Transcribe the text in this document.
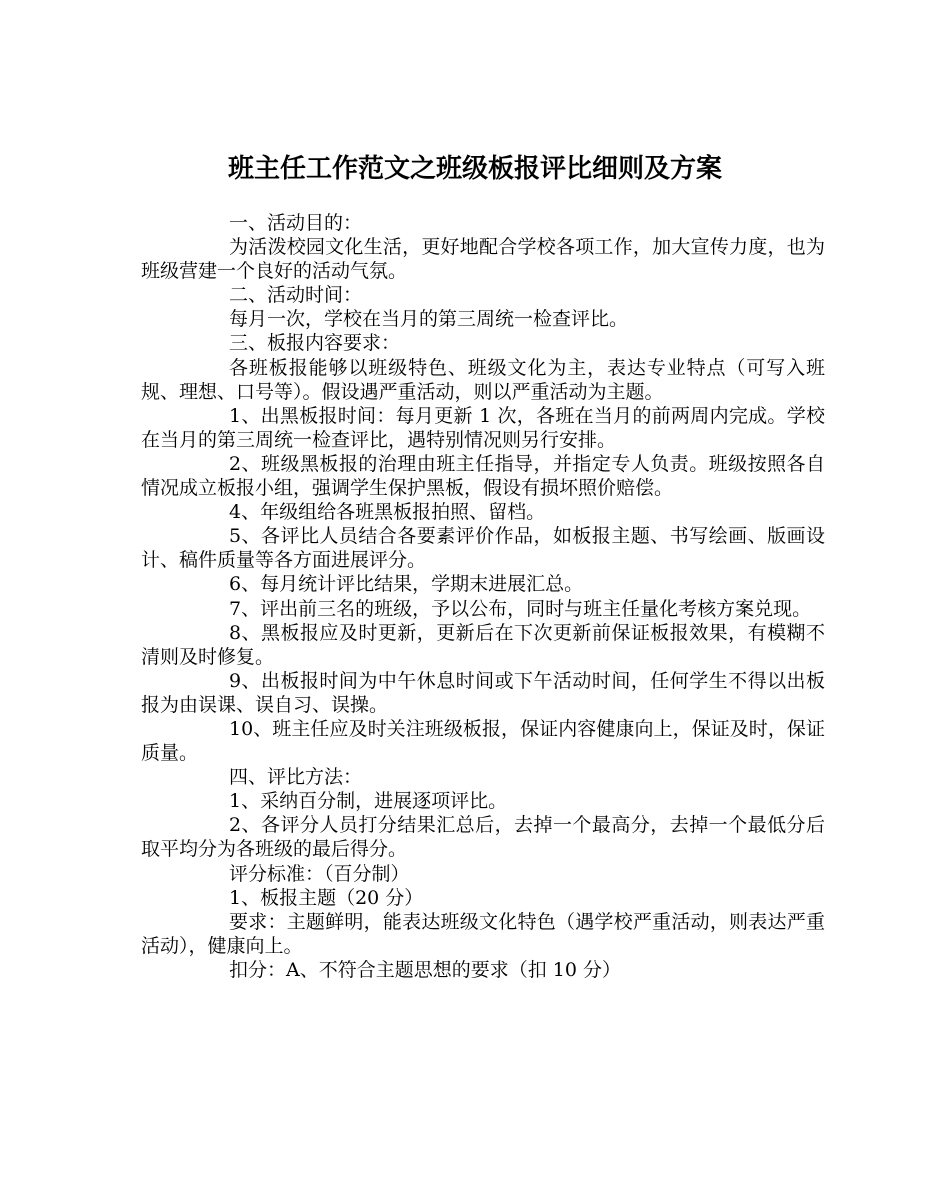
班主任工作范文之班级板报评比细则及方案

一、活动目的：

为活泼校园文化生活，更好地配合学校各项工作，加大宣传力度，也为班级营建一个良好的活动气氛。

二、活动时间：

每月一次，学校在当月的第三周统一检查评比。

三、板报内容要求：

各班板报能够以班级特色、班级文化为主，表达专业特点（可写入班规、理想、口号等）。假设遇严重活动，则以严重活动为主题。

1、出黑板报时间：每月更新 1 次，各班在当月的前两周内完成。学校在当月的第三周统一检查评比，遇特别情况则另行安排。

2、班级黑板报的治理由班主任指导，并指定专人负责。班级按照各自情况成立板报小组，强调学生保护黑板，假设有损坏照价赔偿。

4、年级组给各班黑板报拍照、留档。

5、各评比人员结合各要素评价作品，如板报主题、书写绘画、版画设计、稿件质量等各方面进展评分。

6、每月统计评比结果，学期末进展汇总。

7、评出前三名的班级，予以公布，同时与班主任量化考核方案兑现。

8、黑板报应及时更新，更新后在下次更新前保证板报效果，有模糊不清则及时修复。

9、出板报时间为中午休息时间或下午活动时间，任何学生不得以出板报为由误课、误自习、误操。

10、班主任应及时关注班级板报，保证内容健康向上，保证及时，保证质量。

四、评比方法：

1、采纳百分制，进展逐项评比。

2、各评分人员打分结果汇总后，去掉一个最高分，去掉一个最低分后取平均分为各班级的最后得分。

评分标准：（百分制）

1、板报主题（20 分）

要求：主题鲜明，能表达班级文化特色（遇学校严重活动，则表达严重活动），健康向上。

扣分：A、不符合主题思想的要求（扣 10 分）
